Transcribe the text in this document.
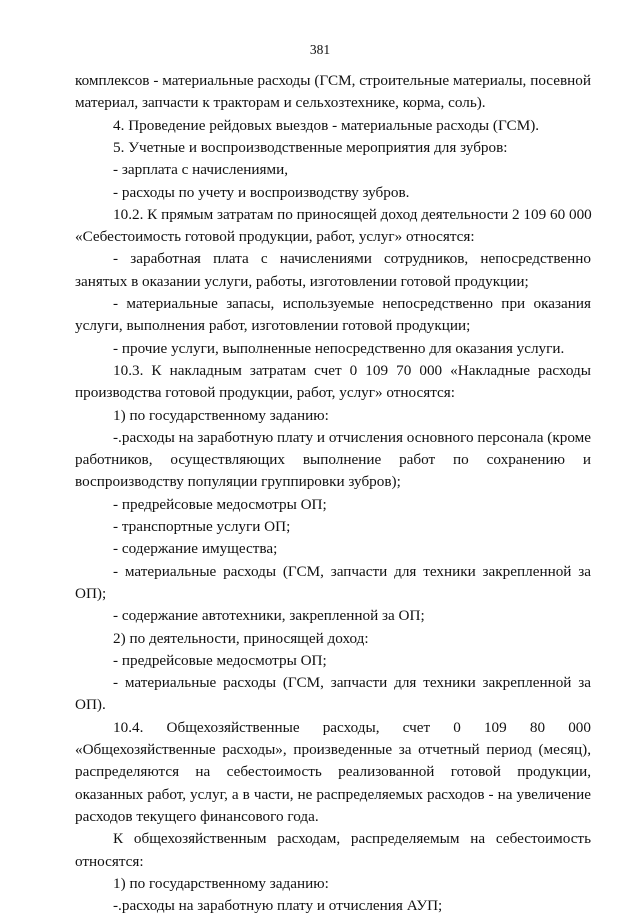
381
комплексов - материальные расходы (ГСМ, строительные материалы, посевной
материал, запчасти к тракторам и сельхозтехнике, корма, соль).
4. Проведение рейдовых выездов - материальные расходы (ГСМ).
5. Учетные и воспроизводственные мероприятия для зубров:
- зарплата с начислениями,
- расходы по учету и воспроизводству зубров.
10.2. К прямым затратам по приносящей доход деятельности 2 109 60 000
«Себестоимость готовой продукции, работ, услуг» относятся:
- заработная плата с начислениями сотрудников, непосредственно
занятых в оказании услуги, работы, изготовлении готовой продукции;
- материальные запасы, используемые непосредственно при оказания
услуги, выполнения работ, изготовлении готовой продукции;
- прочие услуги, выполненные непосредственно для оказания услуги.
10.3. К накладным затратам счет 0 109 70 000 «Накладные расходы
производства готовой продукции, работ, услуг» относятся:
1) по государственному заданию:
-.расходы на заработную плату и отчисления основного персонала (кроме
работников, осуществляющих выполнение работ по сохранению и
воспроизводству популяции группировки зубров);
- предрейсовые медосмотры ОП;
- транспортные услуги ОП;
- содержание имущества;
- материальные расходы (ГСМ, запчасти для техники закрепленной за
ОП);
- содержание автотехники, закрепленной за ОП;
2) по деятельности, приносящей доход:
- предрейсовые медосмотры ОП;
- материальные расходы (ГСМ, запчасти для техники закрепленной за
ОП).
10.4. Общехозяйственные расходы, счет 0 109 80 000
«Общехозяйственные расходы», произведенные за отчетный период (месяц),
распределяются на себестоимость реализованной готовой продукции,
оказанных работ, услуг, а в части, не распределяемых расходов - на увеличение
расходов текущего финансового года.
К общехозяйственным расходам, распределяемым на себестоимость
относятся:
1) по государственному заданию:
-.расходы на заработную плату и отчисления АУП;
